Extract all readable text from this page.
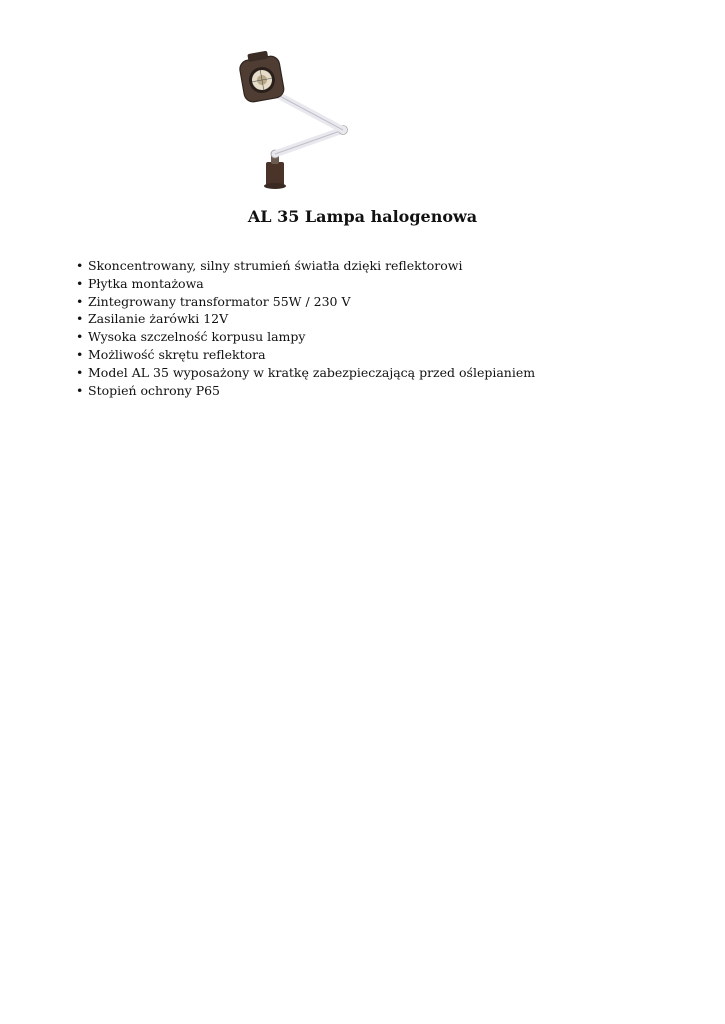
AL 35 Lampa halogenowa
• Skoncentrowany, silny strumień światła dzięki reflektorowi
• Płytka montażowa
• Zintegrowany transformator 55W / 230 V
• Zasilanie żarówki 12V
• Wysoka szczelność korpusu lampy
• Możliwość skrętu reflektora
• Model AL 35 wyposażony w kratkę zabezpieczającą przed oślepianiem
• Stopień ochrony P65
